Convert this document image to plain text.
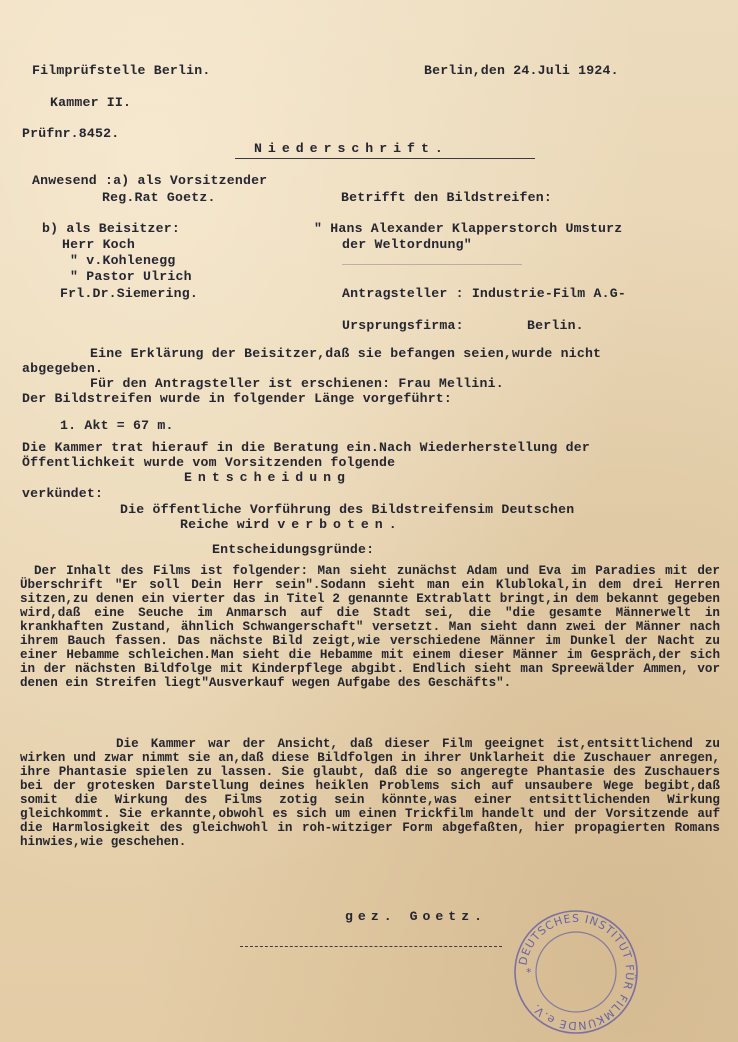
Filmprüfstelle Berlin.	Berlin,den 24.Juli 1924.

Kammer II.

Prüfnr.8452.

Niederschrift.

Anwesend :a) als Vorsitzender

Reg.Rat Goetz.

b) als Beisitzer:

Herr Koch

" v.Kohlenegg

" Pastor Ulrich

Frl.Dr.Siemering.

Betrifft den Bildstreifen:

" Hans Alexander Klapperstorch Umsturz

der Weltordnung"

Antragsteller : Industrie-Film A.G-

Ursprungsfirma:	Berlin.

Eine Erklärung der Beisitzer,daß sie befangen seien,wurde nicht

abgegeben.

Für den Antragsteller ist erschienen: Frau Mellini.

Der Bildstreifen wurde in folgender Länge vorgeführt:

1. Akt = 67 m.

Die Kammer trat hierauf in die Beratung ein.Nach Wiederherstellung der

Öffentlichkeit wurde vom Vorsitzenden folgende

Entscheidung

verkündet:

Die öffentliche Vorführung des Bildstreifensim Deutschen

Reiche wird verboten.

Entscheidungsgründe:

Der Inhalt des Films ist folgender: Man sieht zunächst Adam und Eva im Paradies mit der Überschrift "Er soll Dein Herr sein".Sodann sieht man ein Klublokal,in dem drei Herren sitzen,zu denen ein vierter das in Titel 2 genannte Extrablatt bringt,in dem bekannt gegeben wird,daß eine Seuche im Anmarsch auf die Stadt sei, die "die gesamte Männerwelt in krankhaften Zustand, ähnlich Schwangerschaft" versetzt. Man sieht dann zwei der Männer nach ihrem Bauch fassen. Das nächste Bild zeigt,wie verschiedene Männer im Dunkel der Nacht zu einer Hebamme schleichen.Man sieht die Hebamme mit einem dieser Männer im Gespräch,der sich in der nächsten Bildfolge mit Kinderpflege abgibt. Endlich sieht man Spreewälder Ammen, vor denen ein Streifen liegt"Ausverkauf wegen Aufgabe des Geschäfts".

Die Kammer war der Ansicht, daß dieser Film geeignet ist,entsittlichend zu wirken und zwar nimmt sie an,daß diese Bildfolgen in ihrer Unklarheit die Zuschauer anregen, ihre Phantasie spielen zu lassen. Sie glaubt, daß die so angeregte Phantasie des Zuschauers bei der grotesken Darstellung deines heiklen Problems sich auf unsaubere Wege begibt,daß somit die Wirkung des Films zotig sein könnte,was einer entsittlichenden Wirkung gleichkommt. Sie erkannte,obwohl es sich um einen Trickfilm handelt und der Vorsitzende auf die Harmlosigkeit des gleichwohl in roh-witziger Form abgefaßten, hier propagierten Romans hinwies,wie geschehen.

gez. Goetz.

DEUTSCHES INSTITUT FÜR FILMKUNDE e.V.
*
